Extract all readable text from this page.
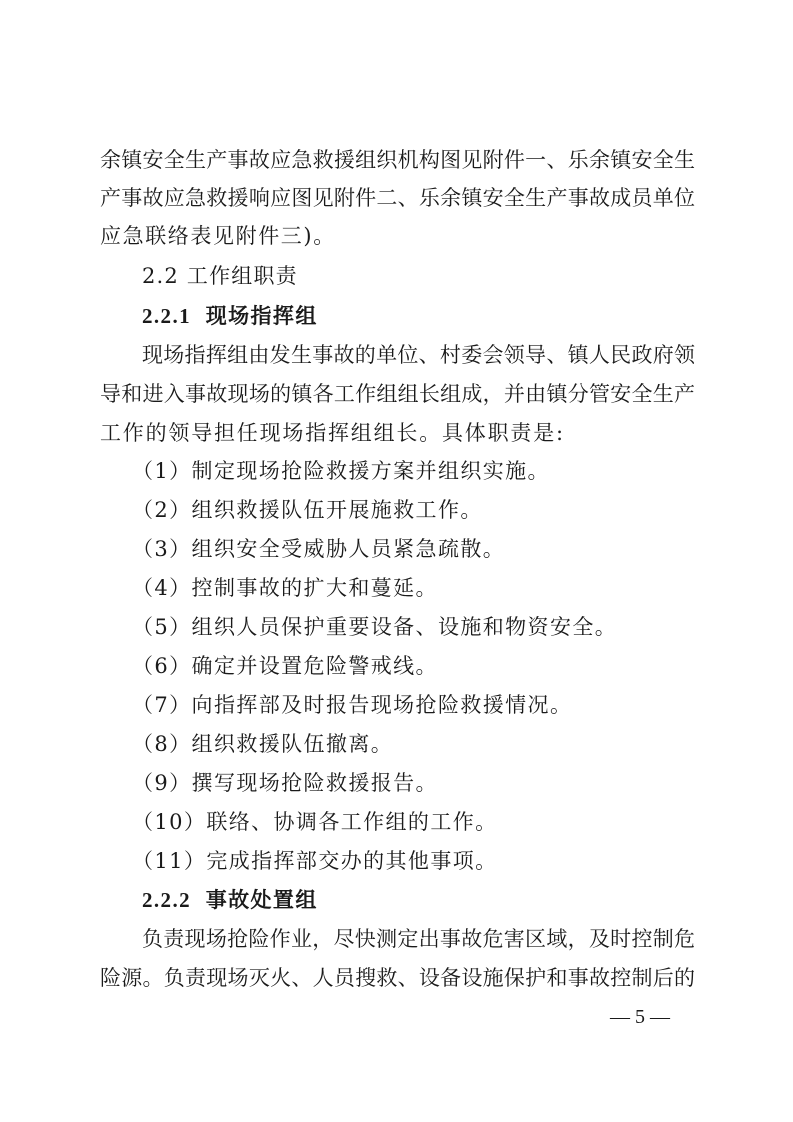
余镇安全生产事故应急救援组织机构图见附件一、乐余镇安全生
产事故应急救援响应图见附件二、乐余镇安全生产事故成员单位
应急联络表见附件三)。
2.2 工作组职责
2.2.1 现场指挥组
现场指挥组由发生事故的单位、村委会领导、镇人民政府领
导和进入事故现场的镇各工作组组长组成，并由镇分管安全生产
工作的领导担任现场指挥组组长。具体职责是:
（1）制定现场抢险救援方案并组织实施。
（2）组织救援队伍开展施救工作。
（3）组织安全受威胁人员紧急疏散。
（4）控制事故的扩大和蔓延。
（5）组织人员保护重要设备、设施和物资安全。
（6）确定并设置危险警戒线。
（7）向指挥部及时报告现场抢险救援情况。
（8）组织救援队伍撤离。
（9）撰写现场抢险救援报告。
（10）联络、协调各工作组的工作。
（11）完成指挥部交办的其他事项。
2.2.2 事故处置组
负责现场抢险作业，尽快测定出事故危害区域，及时控制危
险源。负责现场灭火、人员搜救、设备设施保护和事故控制后的
— 5 —
